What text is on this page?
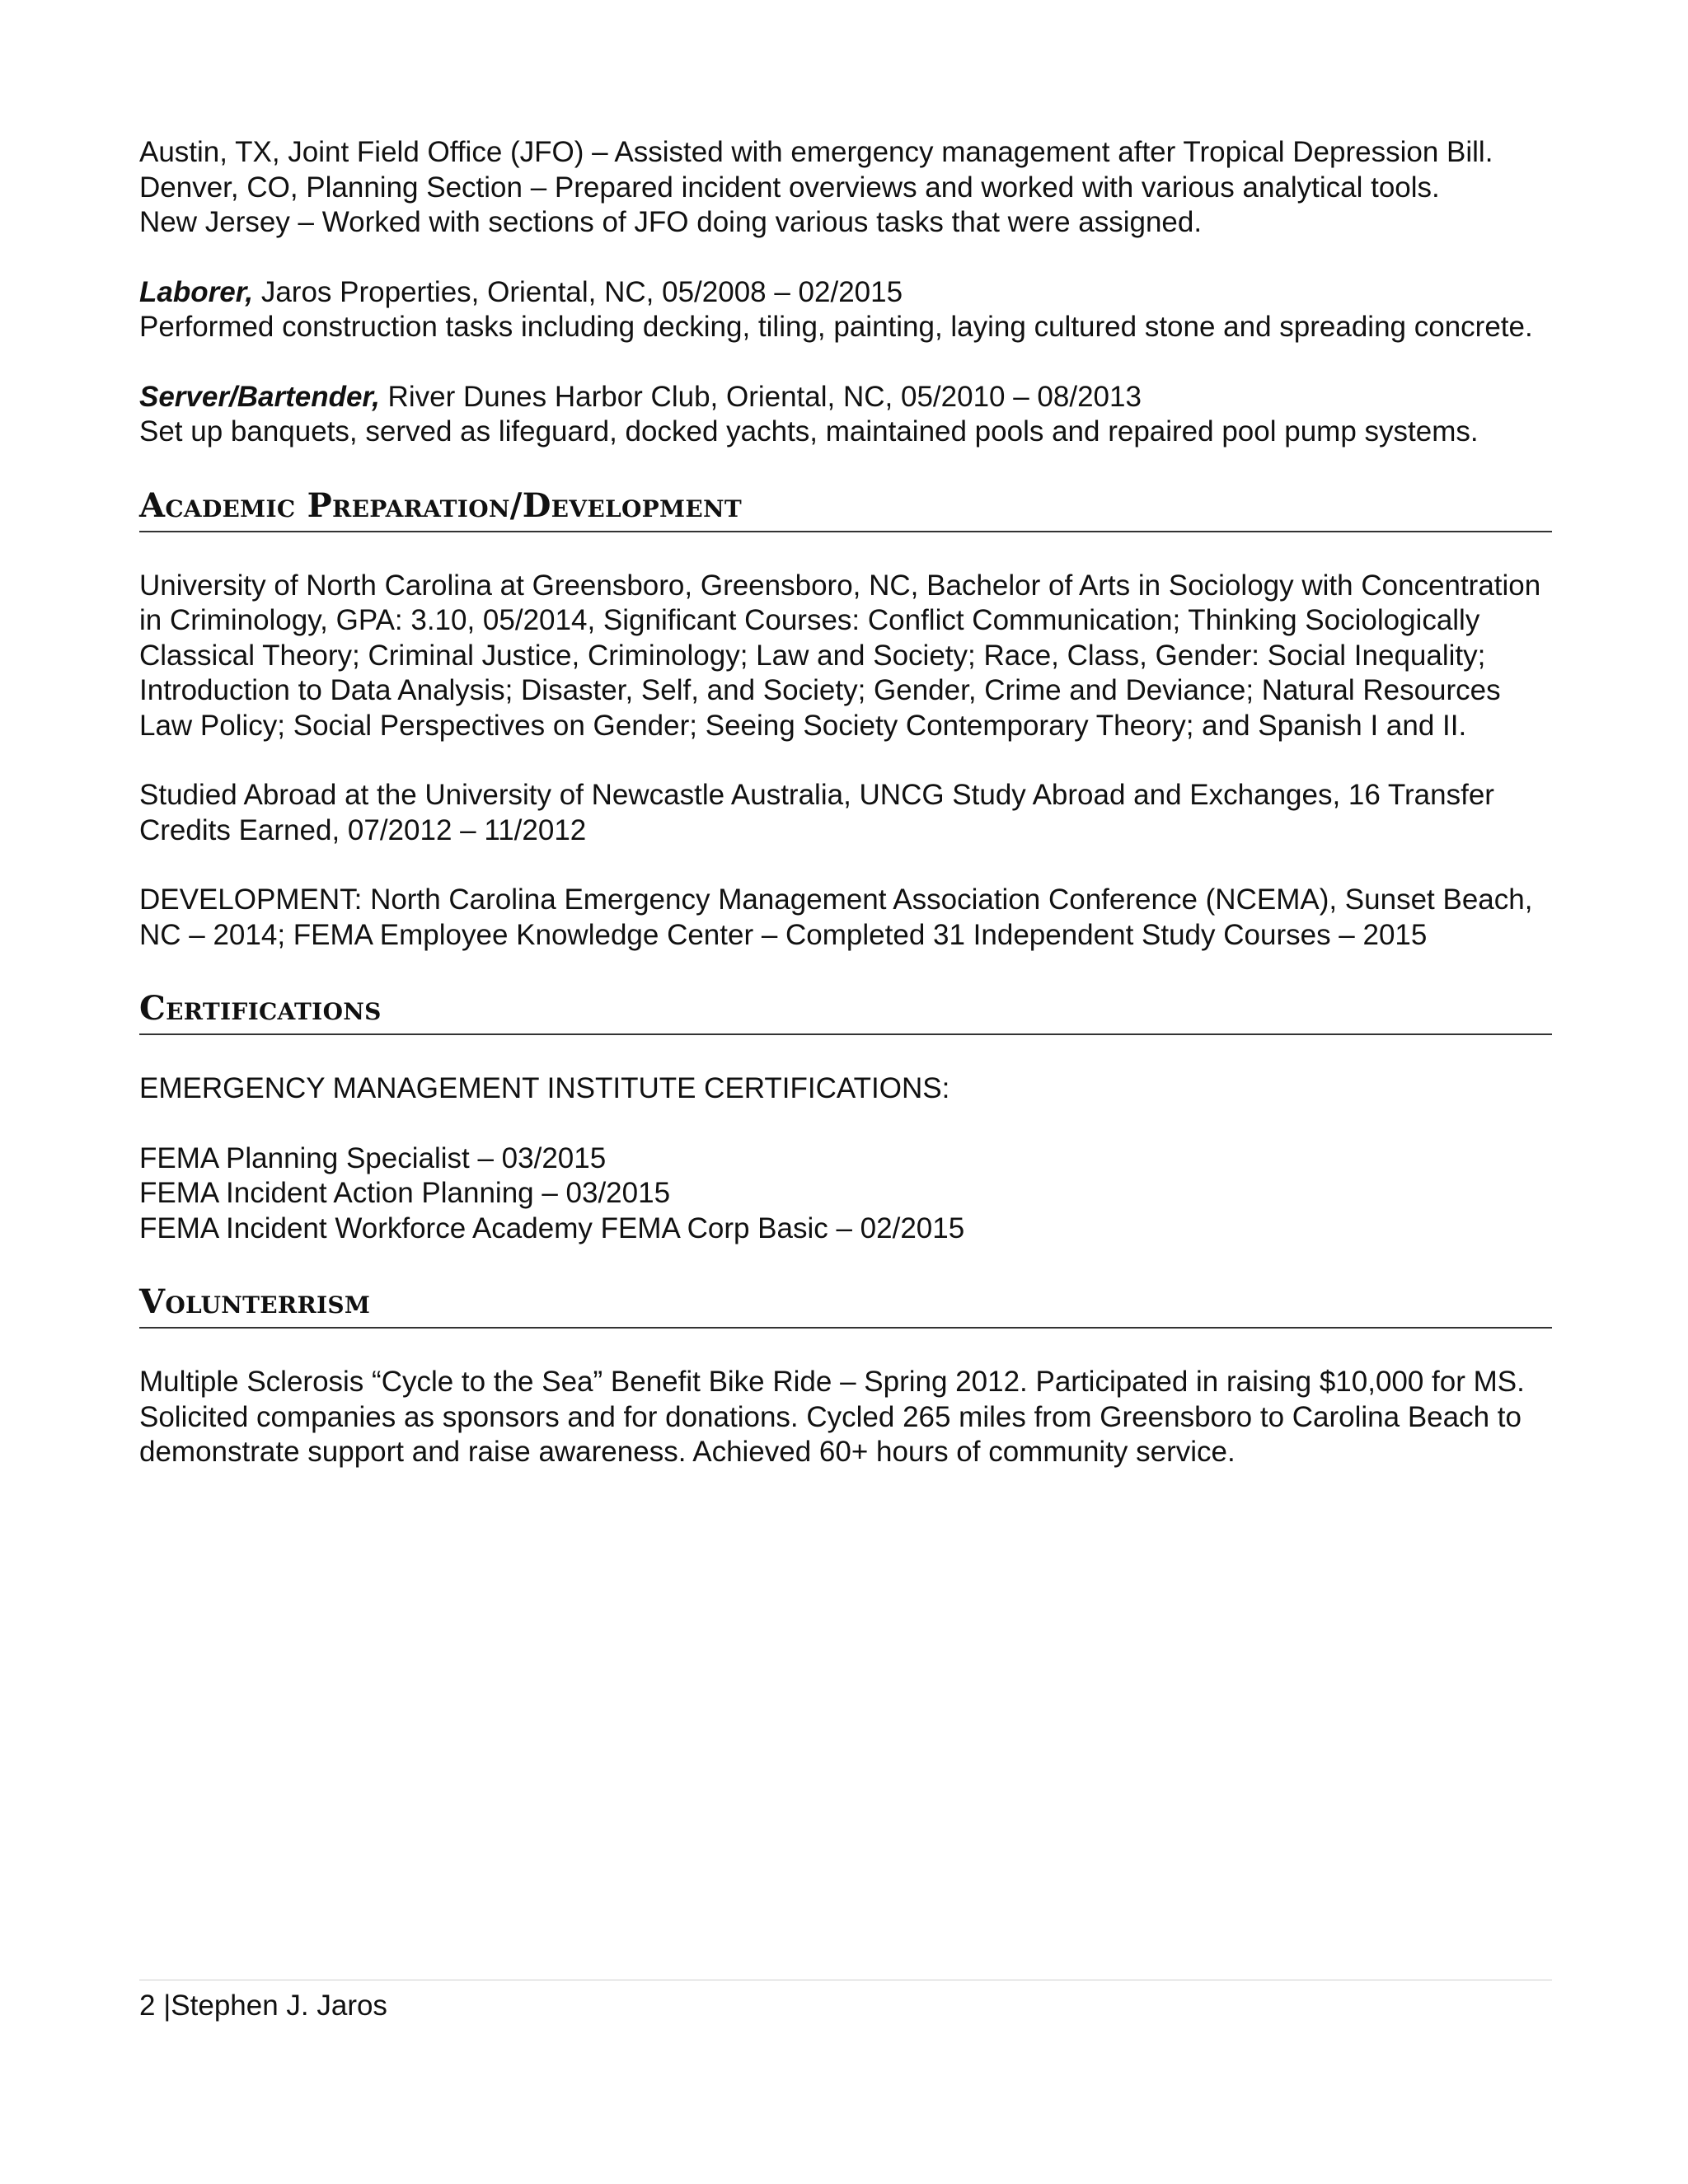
Austin, TX, Joint Field Office (JFO) – Assisted with emergency management after Tropical Depression Bill.

Denver, CO, Planning Section – Prepared incident overviews and worked with various analytical tools.

New Jersey – Worked with sections of JFO doing various tasks that were assigned.

Laborer, Jaros Properties, Oriental, NC, 05/2008 – 02/2015

Performed construction tasks including decking, tiling, painting, laying cultured stone and spreading concrete.

Server/Bartender, River Dunes Harbor Club, Oriental, NC, 05/2010 – 08/2013

Set up banquets, served as lifeguard, docked yachts, maintained pools and repaired pool pump systems.

Academic Preparation/Development

University of North Carolina at Greensboro, Greensboro, NC, Bachelor of Arts in Sociology with Concentration in Criminology, GPA: 3.10, 05/2014, Significant Courses: Conflict Communication; Thinking Sociologically Classical Theory; Criminal Justice, Criminology; Law and Society; Race, Class, Gender: Social Inequality; Introduction to Data Analysis; Disaster, Self, and Society; Gender, Crime and Deviance; Natural Resources Law Policy; Social Perspectives on Gender; Seeing Society Contemporary Theory; and Spanish I and II.

Studied Abroad at the University of Newcastle Australia, UNCG Study Abroad and Exchanges, 16 Transfer Credits Earned, 07/2012 – 11/2012

DEVELOPMENT: North Carolina Emergency Management Association Conference (NCEMA), Sunset Beach, NC – 2014; FEMA Employee Knowledge Center – Completed 31 Independent Study Courses – 2015

Certifications

EMERGENCY MANAGEMENT INSTITUTE CERTIFICATIONS:

FEMA Planning Specialist – 03/2015

FEMA Incident Action Planning – 03/2015

FEMA Incident Workforce Academy FEMA Corp Basic – 02/2015

Volunterrism

Multiple Sclerosis “Cycle to the Sea” Benefit Bike Ride – Spring 2012. Participated in raising $10,000 for MS. Solicited companies as sponsors and for donations. Cycled 265 miles from Greensboro to Carolina Beach to demonstrate support and raise awareness. Achieved 60+ hours of community service.

2 |Stephen J. Jaros
